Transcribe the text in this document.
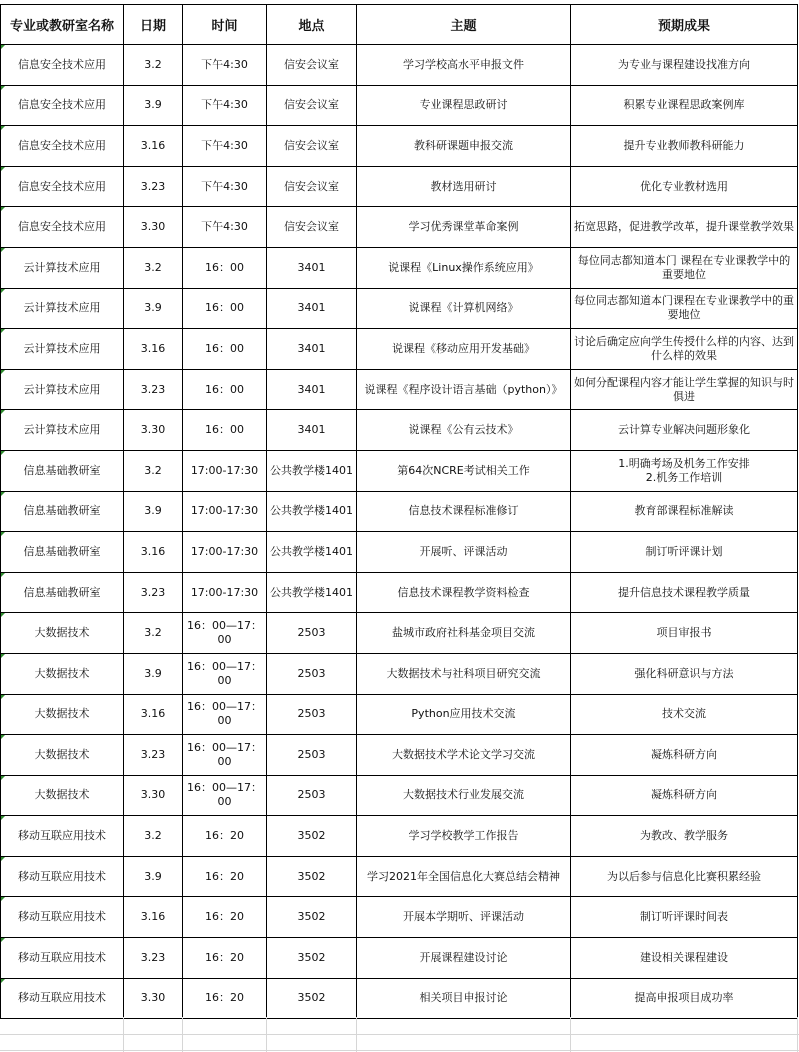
专业或教研室名称	日期	时间	地点	主题	预期成果

信息安全技术应用	3.2	下午4:30	信安会议室	学习学校高水平申报文件	为专业与课程建设找准方向

信息安全技术应用	3.9	下午4:30	信安会议室	专业课程思政研讨	积累专业课程思政案例库

信息安全技术应用	3.16	下午4:30	信安会议室	教科研课题申报交流	提升专业教师教科研能力

信息安全技术应用	3.23	下午4:30	信安会议室	教材选用研讨	优化专业教材选用

信息安全技术应用	3.30	下午4:30	信安会议室	学习优秀课堂革命案例	拓宽思路，促进教学改革，提升课堂教学效果

云计算技术应用	3.2	16：00	3401	说课程《Linux操作系统应用》	每位同志都知道本门 课程在专业课教学中的重要地位

云计算技术应用	3.9	16：00	3401	说课程《计算机网络》	每位同志都知道本门课程在专业课教学中的重要地位

云计算技术应用	3.16	16：00	3401	说课程《移动应用开发基础》	讨论后确定应向学生传授什么样的内容、达到什么样的效果

云计算技术应用	3.23	16：00	3401	说课程《程序设计语言基础（python）》	如何分配课程内容才能让学生掌握的知识与时俱进

云计算技术应用	3.30	16：00	3401	说课程《公有云技术》	云计算专业解决问题形象化

信息基础教研室	3.2	17:00-17:30	公共教学楼1401	第64次NCRE考试相关工作	1.明确考场及机务工作安排
2.机务工作培训

信息基础教研室	3.9	17:00-17:30	公共教学楼1401	信息技术课程标准修订	教育部课程标准解读

信息基础教研室	3.16	17:00-17:30	公共教学楼1401	开展听、评课活动	制订听评课计划

信息基础教研室	3.23	17:00-17:30	公共教学楼1401	信息技术课程教学资料检查	提升信息技术课程教学质量

大数据技术	3.2	16：00—17：00	2503	盐城市政府社科基金项目交流	项目审报书

大数据技术	3.9	16：00—17：00	2503	大数据技术与社科项目研究交流	强化科研意识与方法

大数据技术	3.16	16：00—17：00	2503	Python应用技术交流	技术交流

大数据技术	3.23	16：00—17：00	2503	大数据技术学术论文学习交流	凝炼科研方向

大数据技术	3.30	16：00—17：00	2503	大数据技术行业发展交流	凝炼科研方向

移动互联应用技术	3.2	16：20	3502	学习学校教学工作报告	为教改、教学服务

移动互联应用技术	3.9	16：20	3502	学习2021年全国信息化大赛总结会精神	为以后参与信息化比赛积累经验

移动互联应用技术	3.16	16：20	3502	开展本学期听、评课活动	制订听评课时间表

移动互联应用技术	3.23	16：20	3502	开展课程建设讨论	建设相关课程建设

移动互联应用技术	3.30	16：20	3502	相关项目申报讨论	提高申报项目成功率
